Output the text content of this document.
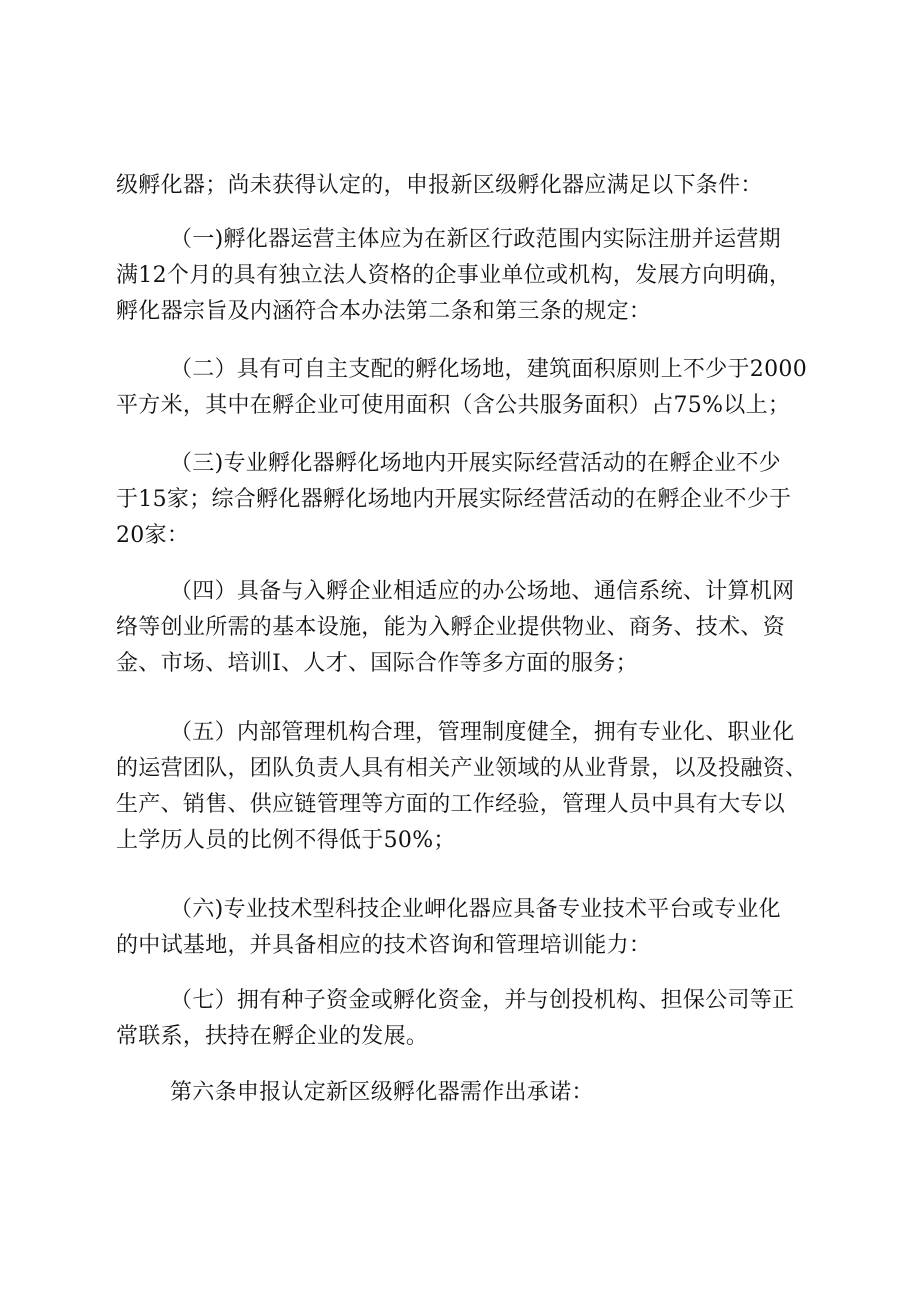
级孵化器；尚未获得认定的，申报新区级孵化器应满足以下条件：
（一)孵化器运营主体应为在新区行政范围内实际注册并运营期
满12个月的具有独立法人资格的企事业单位或机构，发展方向明确，
孵化器宗旨及内涵符合本办法第二条和第三条的规定：
（二）具有可自主支配的孵化场地，建筑面积原则上不少于2000
平方米，其中在孵企业可使用面积（含公共服务面积）占75%以上；
（三)专业孵化器孵化场地内开展实际经营活动的在孵企业不少
于15家；综合孵化器孵化场地内开展实际经营活动的在孵企业不少于
20家：
（四）具备与入孵企业相适应的办公场地、通信系统、计算机网
络等创业所需的基本设施，能为入孵企业提供物业、商务、技术、资
金、市场、培训I、人才、国际合作等多方面的服务；
（五）内部管理机构合理，管理制度健全，拥有专业化、职业化
的运营团队，团队负责人具有相关产业领域的从业背景，以及投融资、
生产、销售、供应链管理等方面的工作经验，管理人员中具有大专以
上学历人员的比例不得低于50%；
（六)专业技术型科技企业岬化器应具备专业技术平台或专业化
的中试基地，并具备相应的技术咨询和管理培训能力：
（七）拥有种子资金或孵化资金，并与创投机构、担保公司等正
常联系，扶持在孵企业的发展。
第六条申报认定新区级孵化器需作出承诺：
